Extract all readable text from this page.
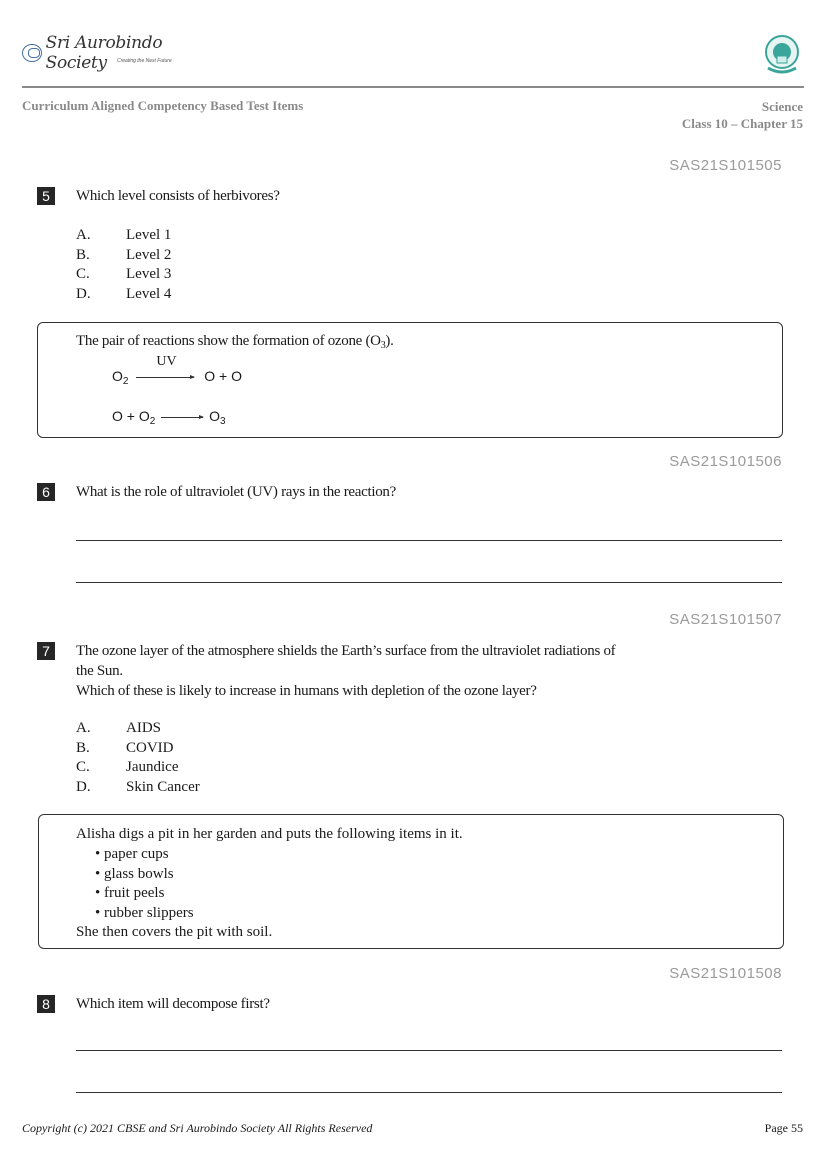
Sri Aurobindo Society	Creating the Next Future
Curriculum Aligned Competency Based Test Items	Science
Class 10 – Chapter 15
SAS21S101505
5	Which level consists of herbivores?
A. Level 1
B. Level 2
C. Level 3
D. Level 4
The pair of reactions show the formation of ozone $(O_3)$.
$O_2$
UV
O + O
$O + O_2$	$O_3$
SAS21S101506
6	What is the role of ultraviolet (UV) rays in the reaction?
SAS21S101507
7	The ozone layer of the atmosphere shields the Earth’s surface from the ultraviolet radiations of
the Sun.
Which of these is likely to increase in humans with depletion of the ozone layer?
A. AIDS
B. COVID
C. Jaundice
D. Skin Cancer
Alisha digs a pit in her garden and puts the following items in it.
• paper cups
• glass bowls
• fruit peels
• rubber slippers
She then covers the pit with soil.
SAS21S101508
8	Which item will decompose first?
Copyright (c) 2021 CBSE and Sri Aurobindo Society All Rights Reserved	Page 55
